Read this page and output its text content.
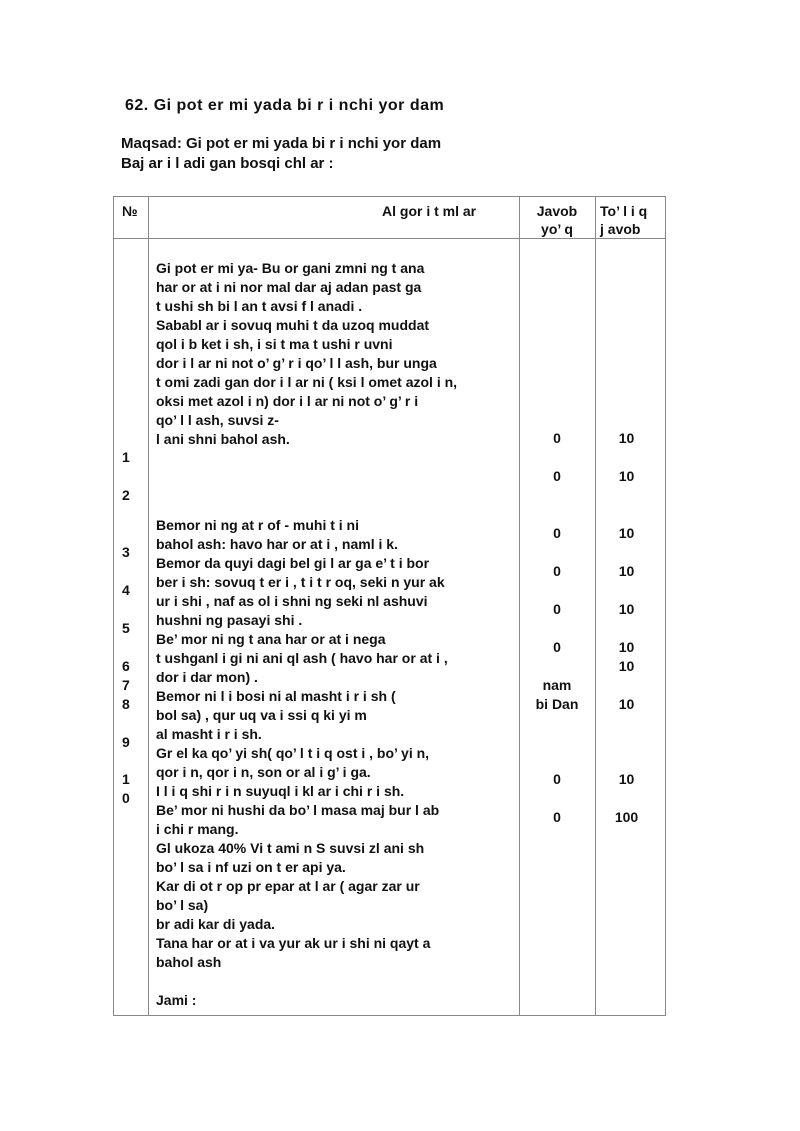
62. Gi pot er mi yada bi r i nchi yor dam
Maqsad: Gi pot er mi yada bi r i nchi yor dam
Baj ar i l adi gan bosqi chl ar :
№	Al gor i t ml ar	Javob
yo’ q
To’ l i q
j avob
1
2
3
4
5
6
7
8
9
1
0
Gi pot er mi ya- Bu or gani zmni ng t ana
har or at i ni nor mal dar aj adan past ga
t ushi sh bi l an t avsi f l anadi .
Sababl ar i sovuq muhi t da uzoq muddat
qol i b ket i sh, i si t ma t ushi r uvni
dor i l ar ni not o’ g’ r i qo’ l l ash, bur unga
t omi zadi gan dor i l ar ni ( ksi l omet azol i n,
oksi met azol i n) dor i l ar ni not o’ g’ r i
qo’ l l ash, suvsi z-
l ani shni bahol ash.
Bemor ni ng at r of - muhi t i ni
bahol ash: havo har or at i , naml i k.
Bemor da quyi dagi bel gi l ar ga e’ t i bor
ber i sh: sovuq t er i , t i t r oq, seki n yur ak
ur i shi , naf as ol i shni ng seki nl ashuvi
hushni ng pasayi shi .
Be’ mor ni ng t ana har or at i nega
t ushganl i gi ni ani ql ash ( havo har or at i ,
dor i dar mon) .
Bemor ni l i bosi ni al masht i r i sh (
bol sa) , qur uq va i ssi q ki yi m
al masht i r i sh.
Gr el ka qo’ yi sh( qo’ l t i q ost i , bo’ yi n,
qor i n, qor i n, son or al i g’ i ga.
I l i q shi r i n suyuql i kl ar i chi r i sh.
Be’ mor ni hushi da bo’ l masa maj bur l ab
i chi r mang.
Gl ukoza 40% Vi t ami n S suvsi zl ani sh
bo’ l sa i nf uzi on t er api ya.
Kar di ot r op pr epar at l ar ( agar zar ur
bo’ l sa)
br adi kar di yada.
Tana har or at i va yur ak ur i shi ni qayt a
bahol ash
Jami :
0
0
0
0
0
0
nam
bi Dan
0
0
10
10
10
10
10
10
10
10
10
100
